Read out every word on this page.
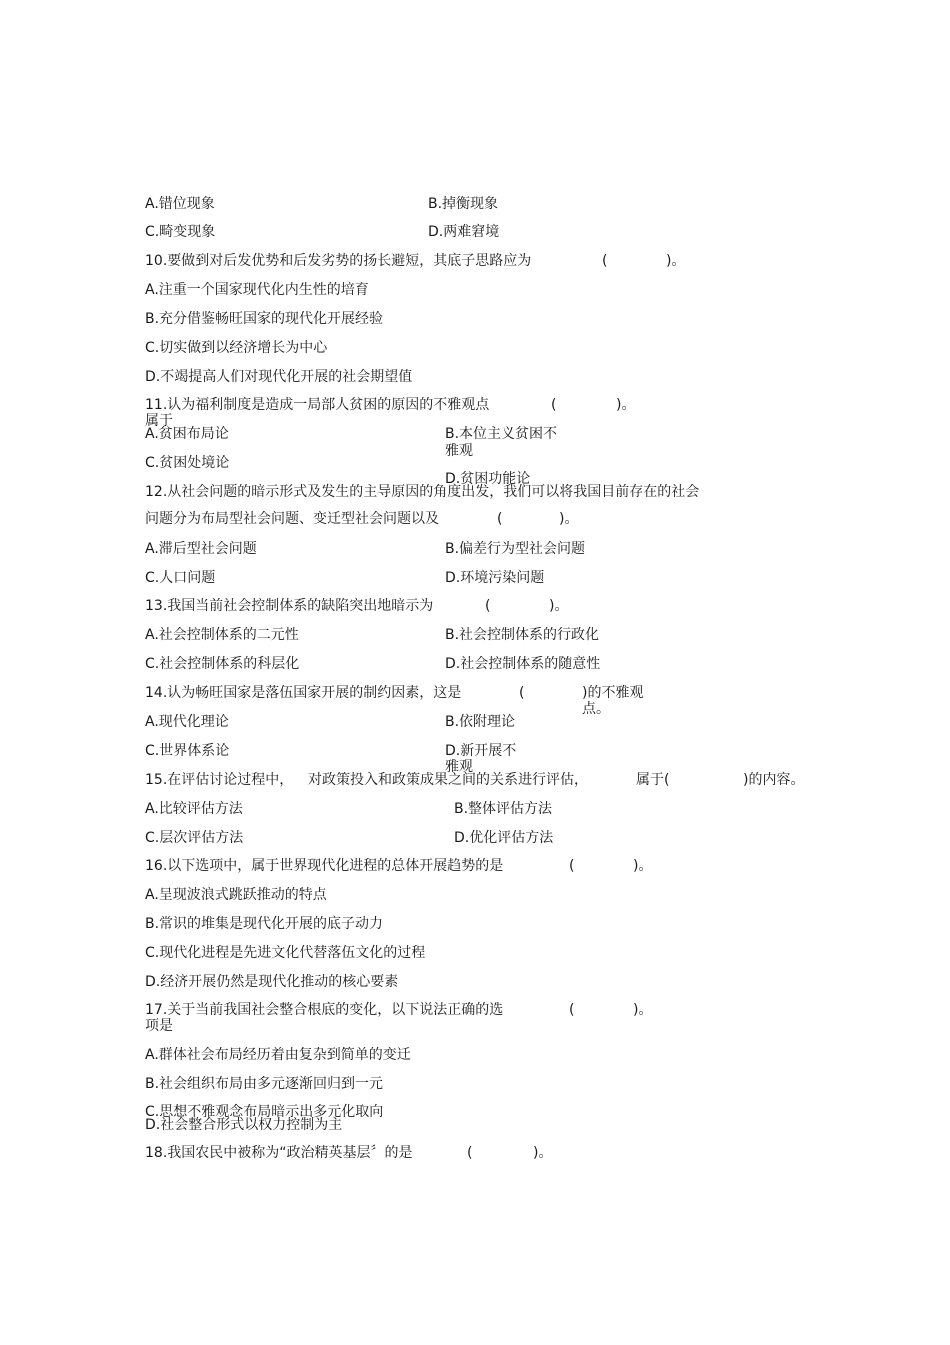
A.错位现象	B.掉衡现象
C.畸变现象	D.两难窘境
10.要做到对后发优势和后发劣势的扬长避短，其底子思路应为	(	)。
A.注重一个国家现代化内生性的培育
B.充分借鉴畅旺国家的现代化开展经验
C.切实做到以经济增长为中心
D.不竭提高人们对现代化开展的社会期望值
11.认为福利制度是造成一局部人贫困的原因的不雅观点
属于
(	)。
A.贫困布局论	B.本位主义贫困不
雅观
C.贫困处境论
D.贫困功能论
12.从社会问题的暗示形式及发生的主导原因的角度出发，我们可以将我国目前存在的社会
问题分为布局型社会问题、变迁型社会问题以及	(	)。
A.滞后型社会问题	B.偏差行为型社会问题
C.人口问题	D.环境污染问题
13.我国当前社会控制体系的缺陷突出地暗示为	(	)。
A.社会控制体系的二元性	B.社会控制体系的行政化
C.社会控制体系的科层化	D.社会控制体系的随意性
14.认为畅旺国家是落伍国家开展的制约因素，这是	(	)的不雅观
点。
A.现代化理论	B.依附理论
C.世界体系论	D.新开展不
雅观
15.在评估讨论过程中， 对政策投入和政策成果之间的关系进行评估，	属于(	)的内容。
A.比较评估方法	B.整体评估方法
C.层次评估方法	D.优化评估方法
16.以下选项中，属于世界现代化进程的总体开展趋势的是	(	)。
A.呈现波浪式跳跃推动的特点
B.常识的堆集是现代化开展的底子动力
C.现代化进程是先进文化代替落伍文化的过程
D.经济开展仍然是现代化推动的核心要素
17.关于当前我国社会整合根底的变化，以下说法正确的选
项是
(	)。
A.群体社会布局经历着由复杂到简单的变迁
B.社会组织布局由多元逐渐回归到一元
C.思想不雅观念布局暗示出多元化取向
D.社会整合形式以权力控制为主
18.我国农民中被称为“政治精英基层〞的是	(	)。
